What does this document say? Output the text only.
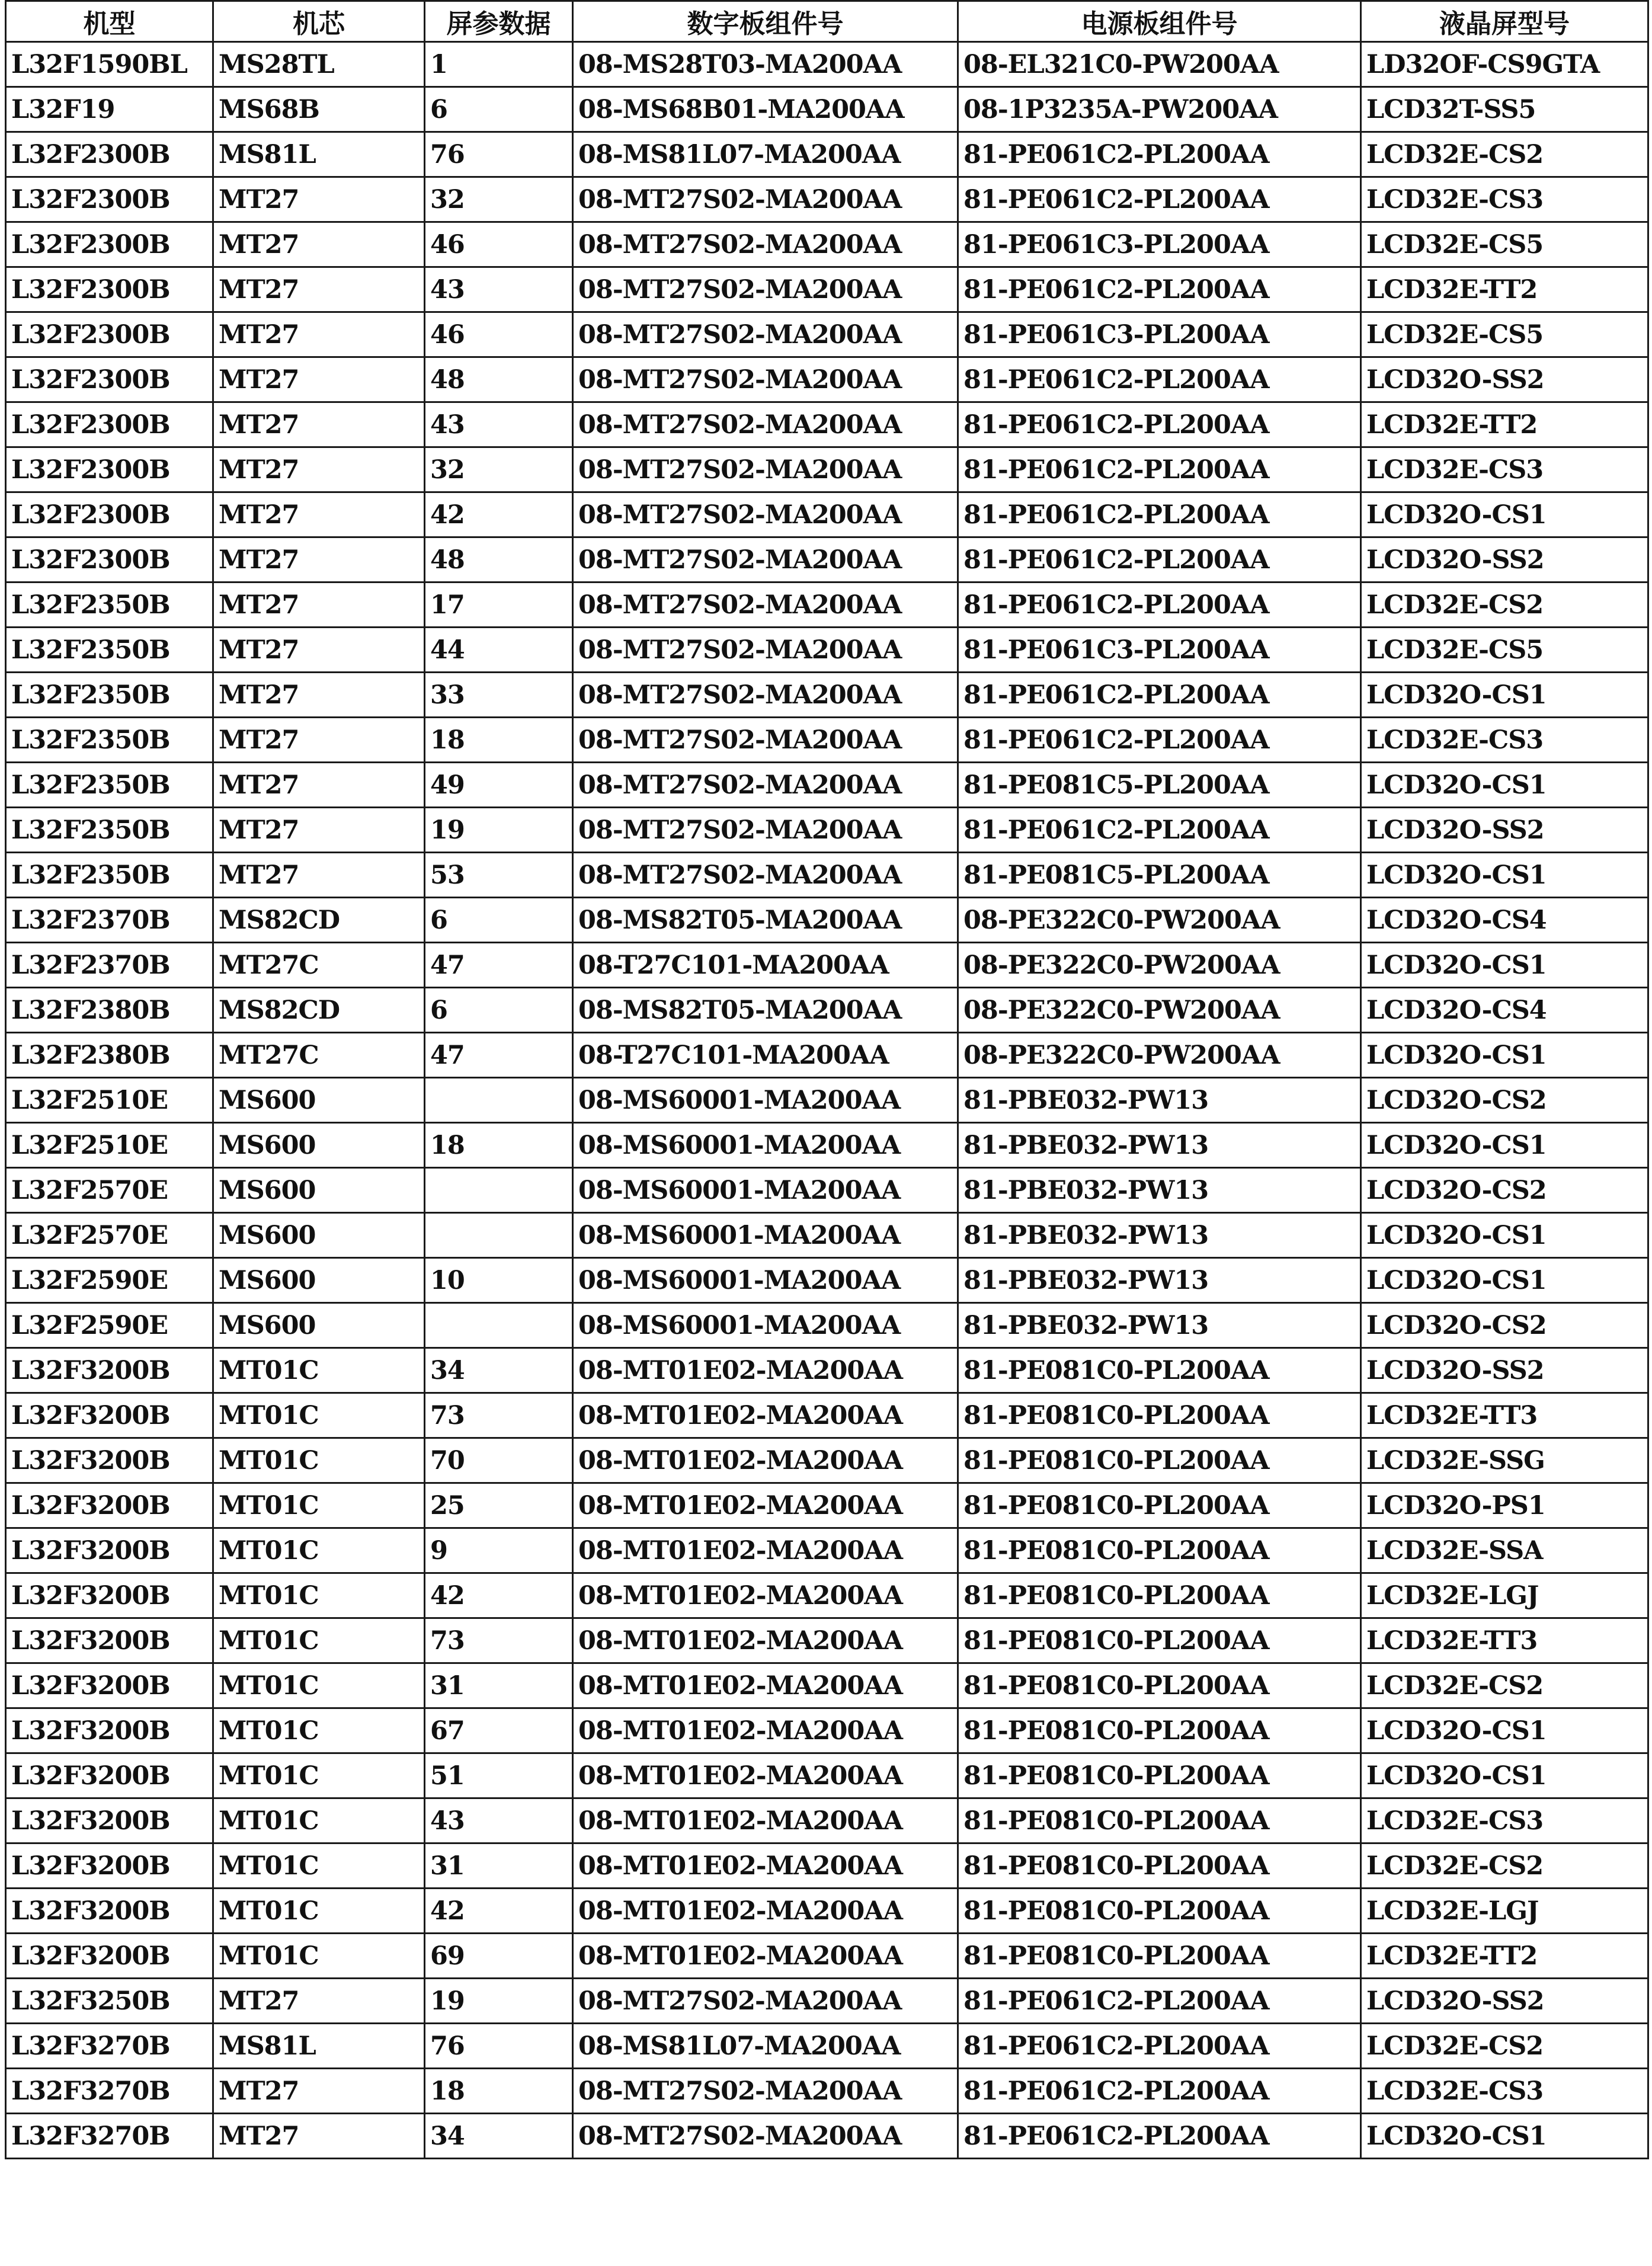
机型	机芯	屏参数据	数字板组件号	电源板组件号	液晶屏型号
L32F1590BL	MS28TL	1	08-MS28T03-MA200AA	08-EL321C0-PW200AA	LD32OF-CS9GTA
L32F19	MS68B	6	08-MS68B01-MA200AA	08-1P3235A-PW200AA	LCD32T-SS5
L32F2300B	MS81L	76	08-MS81L07-MA200AA	81-PE061C2-PL200AA	LCD32E-CS2
L32F2300B	MT27	32	08-MT27S02-MA200AA	81-PE061C2-PL200AA	LCD32E-CS3
L32F2300B	MT27	46	08-MT27S02-MA200AA	81-PE061C3-PL200AA	LCD32E-CS5
L32F2300B	MT27	43	08-MT27S02-MA200AA	81-PE061C2-PL200AA	LCD32E-TT2
L32F2300B	MT27	46	08-MT27S02-MA200AA	81-PE061C3-PL200AA	LCD32E-CS5
L32F2300B	MT27	48	08-MT27S02-MA200AA	81-PE061C2-PL200AA	LCD32O-SS2
L32F2300B	MT27	43	08-MT27S02-MA200AA	81-PE061C2-PL200AA	LCD32E-TT2
L32F2300B	MT27	32	08-MT27S02-MA200AA	81-PE061C2-PL200AA	LCD32E-CS3
L32F2300B	MT27	42	08-MT27S02-MA200AA	81-PE061C2-PL200AA	LCD32O-CS1
L32F2300B	MT27	48	08-MT27S02-MA200AA	81-PE061C2-PL200AA	LCD32O-SS2
L32F2350B	MT27	17	08-MT27S02-MA200AA	81-PE061C2-PL200AA	LCD32E-CS2
L32F2350B	MT27	44	08-MT27S02-MA200AA	81-PE061C3-PL200AA	LCD32E-CS5
L32F2350B	MT27	33	08-MT27S02-MA200AA	81-PE061C2-PL200AA	LCD32O-CS1
L32F2350B	MT27	18	08-MT27S02-MA200AA	81-PE061C2-PL200AA	LCD32E-CS3
L32F2350B	MT27	49	08-MT27S02-MA200AA	81-PE081C5-PL200AA	LCD32O-CS1
L32F2350B	MT27	19	08-MT27S02-MA200AA	81-PE061C2-PL200AA	LCD32O-SS2
L32F2350B	MT27	53	08-MT27S02-MA200AA	81-PE081C5-PL200AA	LCD32O-CS1
L32F2370B	MS82CD	6	08-MS82T05-MA200AA	08-PE322C0-PW200AA	LCD32O-CS4
L32F2370B	MT27C	47	08-T27C101-MA200AA	08-PE322C0-PW200AA	LCD32O-CS1
L32F2380B	MS82CD	6	08-MS82T05-MA200AA	08-PE322C0-PW200AA	LCD32O-CS4
L32F2380B	MT27C	47	08-T27C101-MA200AA	08-PE322C0-PW200AA	LCD32O-CS1
L32F2510E	MS600		08-MS60001-MA200AA	81-PBE032-PW13	LCD32O-CS2
L32F2510E	MS600	18	08-MS60001-MA200AA	81-PBE032-PW13	LCD32O-CS1
L32F2570E	MS600		08-MS60001-MA200AA	81-PBE032-PW13	LCD32O-CS2
L32F2570E	MS600		08-MS60001-MA200AA	81-PBE032-PW13	LCD32O-CS1
L32F2590E	MS600	10	08-MS60001-MA200AA	81-PBE032-PW13	LCD32O-CS1
L32F2590E	MS600		08-MS60001-MA200AA	81-PBE032-PW13	LCD32O-CS2
L32F3200B	MT01C	34	08-MT01E02-MA200AA	81-PE081C0-PL200AA	LCD32O-SS2
L32F3200B	MT01C	73	08-MT01E02-MA200AA	81-PE081C0-PL200AA	LCD32E-TT3
L32F3200B	MT01C	70	08-MT01E02-MA200AA	81-PE081C0-PL200AA	LCD32E-SSG
L32F3200B	MT01C	25	08-MT01E02-MA200AA	81-PE081C0-PL200AA	LCD32O-PS1
L32F3200B	MT01C	9	08-MT01E02-MA200AA	81-PE081C0-PL200AA	LCD32E-SSA
L32F3200B	MT01C	42	08-MT01E02-MA200AA	81-PE081C0-PL200AA	LCD32E-LGJ
L32F3200B	MT01C	73	08-MT01E02-MA200AA	81-PE081C0-PL200AA	LCD32E-TT3
L32F3200B	MT01C	31	08-MT01E02-MA200AA	81-PE081C0-PL200AA	LCD32E-CS2
L32F3200B	MT01C	67	08-MT01E02-MA200AA	81-PE081C0-PL200AA	LCD32O-CS1
L32F3200B	MT01C	51	08-MT01E02-MA200AA	81-PE081C0-PL200AA	LCD32O-CS1
L32F3200B	MT01C	43	08-MT01E02-MA200AA	81-PE081C0-PL200AA	LCD32E-CS3
L32F3200B	MT01C	31	08-MT01E02-MA200AA	81-PE081C0-PL200AA	LCD32E-CS2
L32F3200B	MT01C	42	08-MT01E02-MA200AA	81-PE081C0-PL200AA	LCD32E-LGJ
L32F3200B	MT01C	69	08-MT01E02-MA200AA	81-PE081C0-PL200AA	LCD32E-TT2
L32F3250B	MT27	19	08-MT27S02-MA200AA	81-PE061C2-PL200AA	LCD32O-SS2
L32F3270B	MS81L	76	08-MS81L07-MA200AA	81-PE061C2-PL200AA	LCD32E-CS2
L32F3270B	MT27	18	08-MT27S02-MA200AA	81-PE061C2-PL200AA	LCD32E-CS3
L32F3270B	MT27	34	08-MT27S02-MA200AA	81-PE061C2-PL200AA	LCD32O-CS1
